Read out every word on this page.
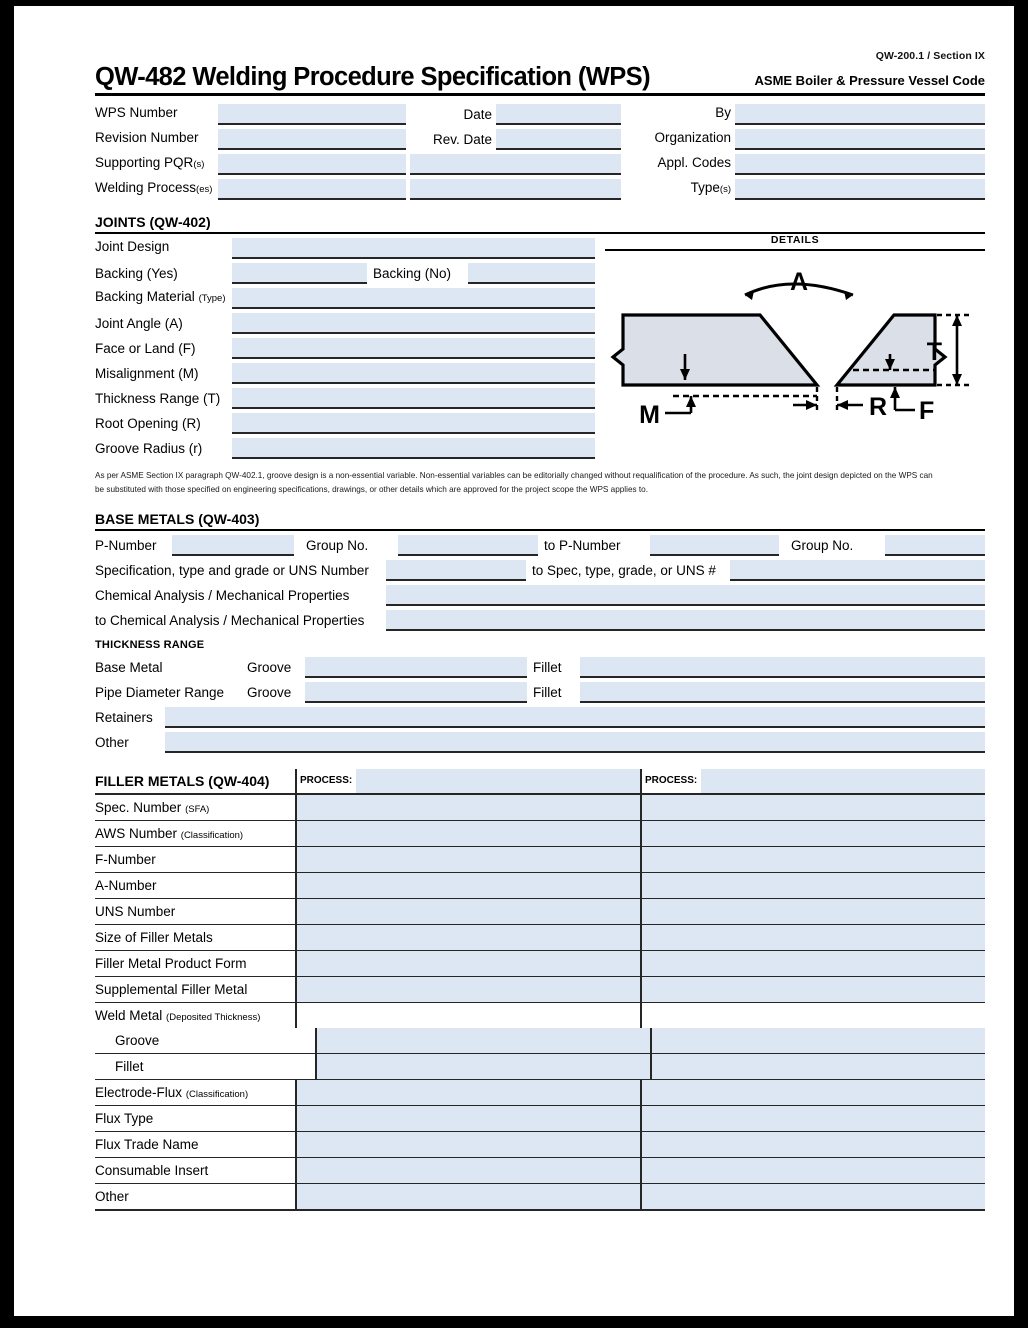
QW-200.1 / Section IX
QW-482 Welding Procedure Specification (WPS)	ASME Boiler & Pressure Vessel Code
WPS Number	Date	By
Revision Number	Rev. Date	Organization
Supporting PQR(s)	Appl. Codes
Welding Process(es)	Type(s)
JOINTS (QW-402)
Joint Design
Backing (Yes)	Backing (No)
Backing Material (Type)
Joint Angle (A)
Face or Land (F)
Misalignment (M)
Thickness Range (T)
Root Opening (R)
Groove Radius (r)
DETAILS
A
T
M	R F
As per ASME Section IX paragraph QW-402.1, groove design is a non-essential variable. Non-essential variables can be editorially changed without requalification of the procedure. As such, the joint design depicted on the WPS can
be substituted with those specified on engineering specifications, drawings, or other details which are approved for the project scope the WPS applies to.
BASE METALS (QW-403)
P-Number	Group No.	to P-Number	Group No.
Specification, type and grade or UNS Number	to Spec, type, grade, or UNS #
Chemical Analysis / Mechanical Properties
to Chemical Analysis / Mechanical Properties
THICKNESS RANGE
Base Metal	Groove	Fillet
Pipe Diameter Range	Groove	Fillet
Retainers
Other
FILLER METALS (QW-404)	PROCESS:	PROCESS:
Spec. Number (SFA)
AWS Number (Classification)
F-Number
A-Number
UNS Number
Size of Filler Metals
Filler Metal Product Form
Supplemental Filler Metal
Weld Metal (Deposited Thickness)
Groove
Fillet
Electrode-Flux (Classification)
Flux Type
Flux Trade Name
Consumable Insert
Other
